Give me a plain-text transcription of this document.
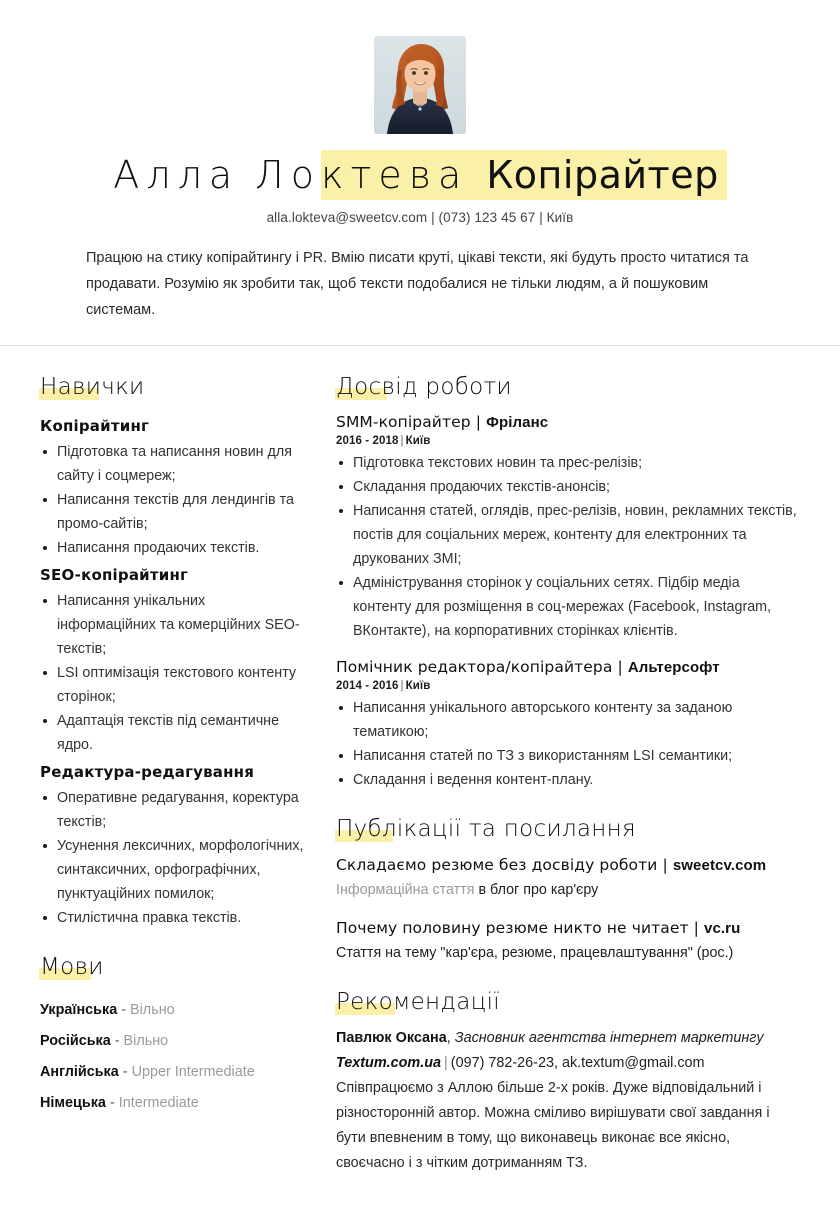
Алла Локтева Копірайтер
alla.lokteva@sweetcv.com | (073) 123 45 67 | Київ
Працюю на стику копірайтингу і PR. Вмію писати круті, цікаві тексти, які будуть просто читатися та продавати. Розумію як зробити так, щоб тексти подобалися не тільки людям, а й пошуковим системам.
Навички
Копірайтинг
Підготовка та написання новин для сайту і соцмереж;
Написання текстів для лендингів та промо-сайтів;
Написання продаючих текстів.
SEO-копірайтинг
Написання унікальних інформаційних та комерційних SEO-текстів;
LSI оптимізація текстового контенту сторінок;
Адаптація текстів під семантичне ядро.
Редактура-редагування
Оперативне редагування, коректура текстів;
Усунення лексичних, морфологічних, синтаксичних, орфографічних, пунктуаційних помилок;
Стилістична правка текстів.
Мови
Українська - Вільно
Російська - Вільно
Англійська - Upper Intermediate
Німецька - Intermediate
Досвід роботи
SMM-копірайтер | Фріланс
2016 - 2018 | Київ
Підготовка текстових новин та прес-релізів;
Складання продаючих текстів-анонсів;
Написання статей, оглядів, прес-релізів, новин, рекламних текстів, постів для соціальних мереж, контенту для електронних та друкованих ЗМІ;
Адміністрування сторінок у соціальних сетях. Підбір медіа контенту для розміщення в соц-мережах (Facebook, Instagram, ВКонтакте), на корпоративних сторінках клієнтів.
Помічник редактора/копірайтера | Альтерсофт
2014 - 2016 | Київ
Написання унікального авторського контенту за заданою тематикою;
Написання статей по ТЗ з використанням LSI семантики;
Складання і ведення контент-плану.
Публікації та посилання
Складаємо резюме без досвіду роботи | sweetcv.com
Інформаційна стаття в блог про кар'єру
Почему половину резюме никто не читает | vc.ru
Стаття на тему "кар'єра, резюме, працевлаштування" (рос.)
Рекомендації
Павлюк Оксана, Засновник агентства інтернет маркетингу Textum.com.ua | (097) 782-26-23, ak.textum@gmail.com
Співпрацюємо з Аллою більше 2-х років. Дуже відповідальний і різносторонній автор. Можна сміливо вирішувати свої завдання і бути впевненим в тому, що виконавець виконає все якісно, своєчасно і з чітким дотриманням ТЗ.
